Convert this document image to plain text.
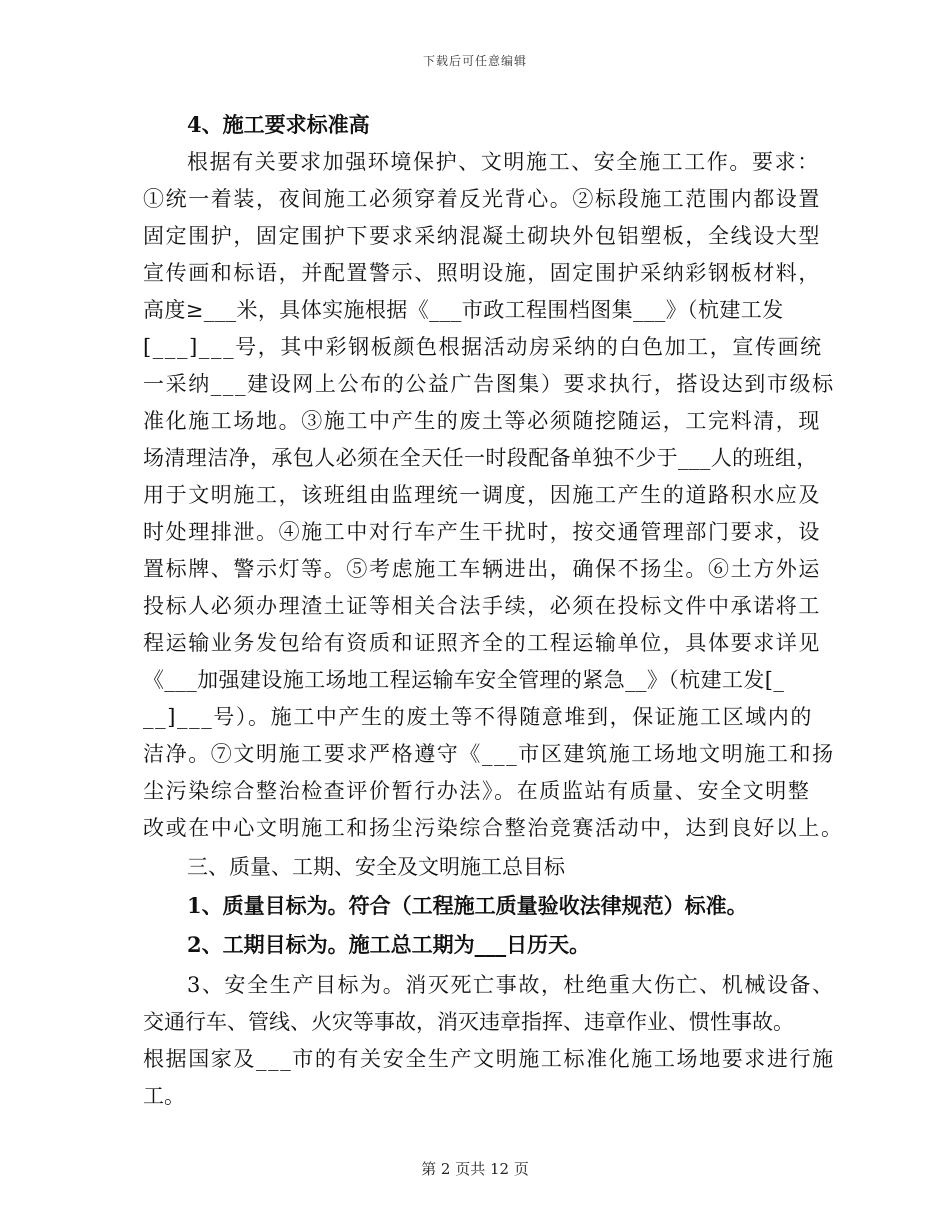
下载后可任意编辑
4、施工要求标准高
根据有关要求加强环境保护、文明施工、安全施工工作。要求：
①统一着装，夜间施工必须穿着反光背心。②标段施工范围内都设置
固定围护，固定围护下要求采纳混凝土砌块外包铝塑板，全线设大型
宣传画和标语，并配置警示、照明设施，固定围护采纳彩钢板材料，
高度≥___米，具体实施根据《___市政工程围档图集___》（杭建工发
[___]___号，其中彩钢板颜色根据活动房采纳的白色加工，宣传画统
一采纳___建设网上公布的公益广告图集）要求执行，搭设达到市级标
准化施工场地。③施工中产生的废土等必须随挖随运，工完料清，现
场清理洁净，承包人必须在全天任一时段配备单独不少于___人的班组，
用于文明施工，该班组由监理统一调度，因施工产生的道路积水应及
时处理排泄。④施工中对行车产生干扰时，按交通管理部门要求，设
置标牌、警示灯等。⑤考虑施工车辆进出，确保不扬尘。⑥土方外运
投标人必须办理渣土证等相关合法手续，必须在投标文件中承诺将工
程运输业务发包给有资质和证照齐全的工程运输单位，具体要求详见
《___加强建设施工场地工程运输车安全管理的紧急__》（杭建工发[_
__]___号）。施工中产生的废土等不得随意堆到，保证施工区域内的
洁净。⑦文明施工要求严格遵守《___市区建筑施工场地文明施工和扬
尘污染综合整治检查评价暂行办法》。在质监站有质量、安全文明整
改或在中心文明施工和扬尘污染综合整治竞赛活动中，达到良好以上。
三、质量、工期、安全及文明施工总目标
1、质量目标为。符合（工程施工质量验收法律规范）标准。
2、工期目标为。施工总工期为___日历天。
3、安全生产目标为。消灭死亡事故，杜绝重大伤亡、机械设备、
交通行车、管线、火灾等事故，消灭违章指挥、违章作业、惯性事故。
根据国家及___市的有关安全生产文明施工标准化施工场地要求进行施
工。
第 2 页共 12 页
